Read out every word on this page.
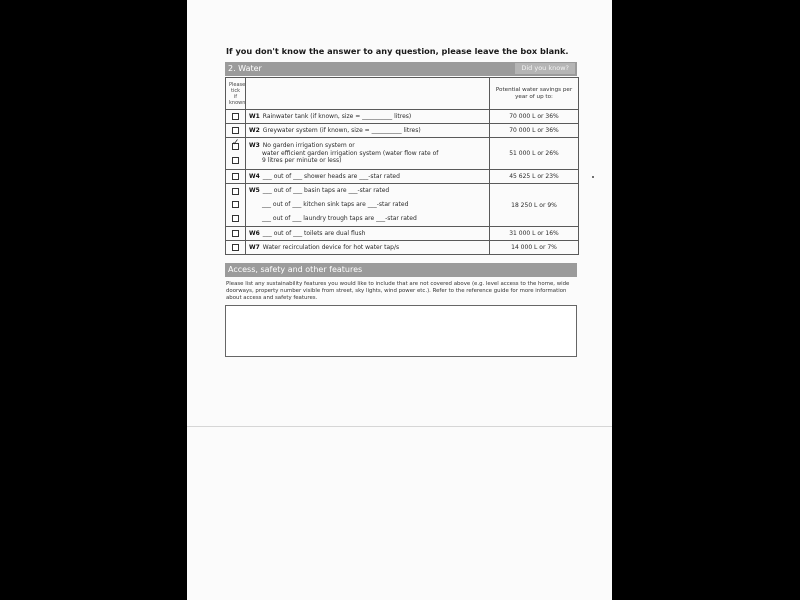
If you don't know the answer to any question, please leave the box blank.
2. Water	Did you know?
Please tick if known		Potential water savings per year of up to:
	W1 Rainwater tank (if known, size = __________ litres)	70 000 L or 36%
	W2 Greywater system (if known, size = __________ litres)	70 000 L or 36%

✓	W3 No garden irrigation system or
water efficient garden irrigation system (water flow rate of
9 litres per minute or less)	51 000 L or 26%
	W4 ___ out of ___ shower heads are ___-star rated	45 625 L or 23%

	W5 ___ out of ___ basin taps are ___-star rated
___ out of ___ kitchen sink taps are ___-star rated
___ out of ___ laundry trough taps are ___-star rated	18 250 L or 9%
	W6 ___ out of ___ toilets are dual flush	31 000 L or 16%
	W7 Water recirculation device for hot water tap/s	14 000 L or 7%
Access, safety and other features
Please list any sustainability features you would like to include that are not covered above (e.g. level access to the home, wide doorways, property number visible from street, sky lights, wind power etc.). Refer to the reference guide for more information about access and safety features.
